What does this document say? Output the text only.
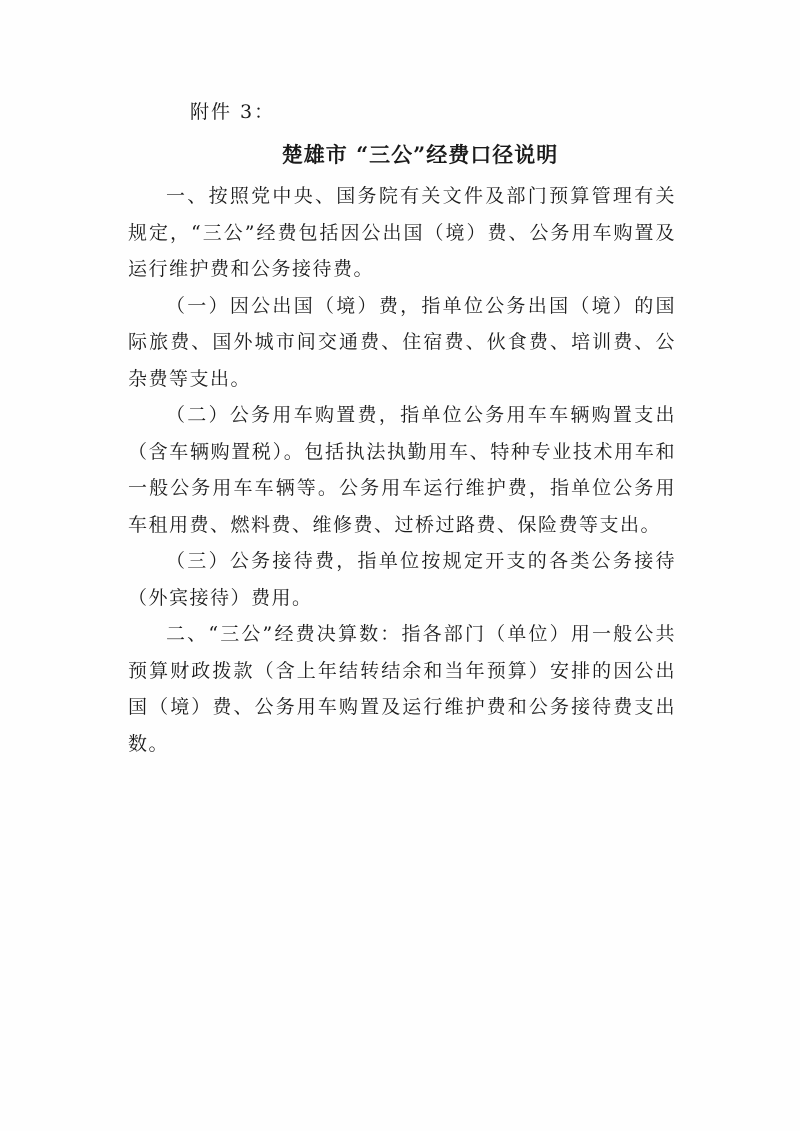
附件 3：
楚雄市 “三公”经费口径说明

一、按照党中央、国务院有关文件及部门预算管理有关规定，“三公”经费包括因公出国（境）费、公务用车购置及运行维护费和公务接待费。

（一）因公出国（境）费，指单位公务出国（境）的国际旅费、国外城市间交通费、住宿费、伙食费、培训费、公杂费等支出。

（二）公务用车购置费，指单位公务用车车辆购置支出（含车辆购置税）。包括执法执勤用车、特种专业技术用车和一般公务用车车辆等。公务用车运行维护费，指单位公务用车租用费、燃料费、维修费、过桥过路费、保险费等支出。

（三）公务接待费，指单位按规定开支的各类公务接待（外宾接待）费用。

二、“三公”经费决算数：指各部门（单位）用一般公共预算财政拨款（含上年结转结余和当年预算）安排的因公出国（境）费、公务用车购置及运行维护费和公务接待费支出数。
